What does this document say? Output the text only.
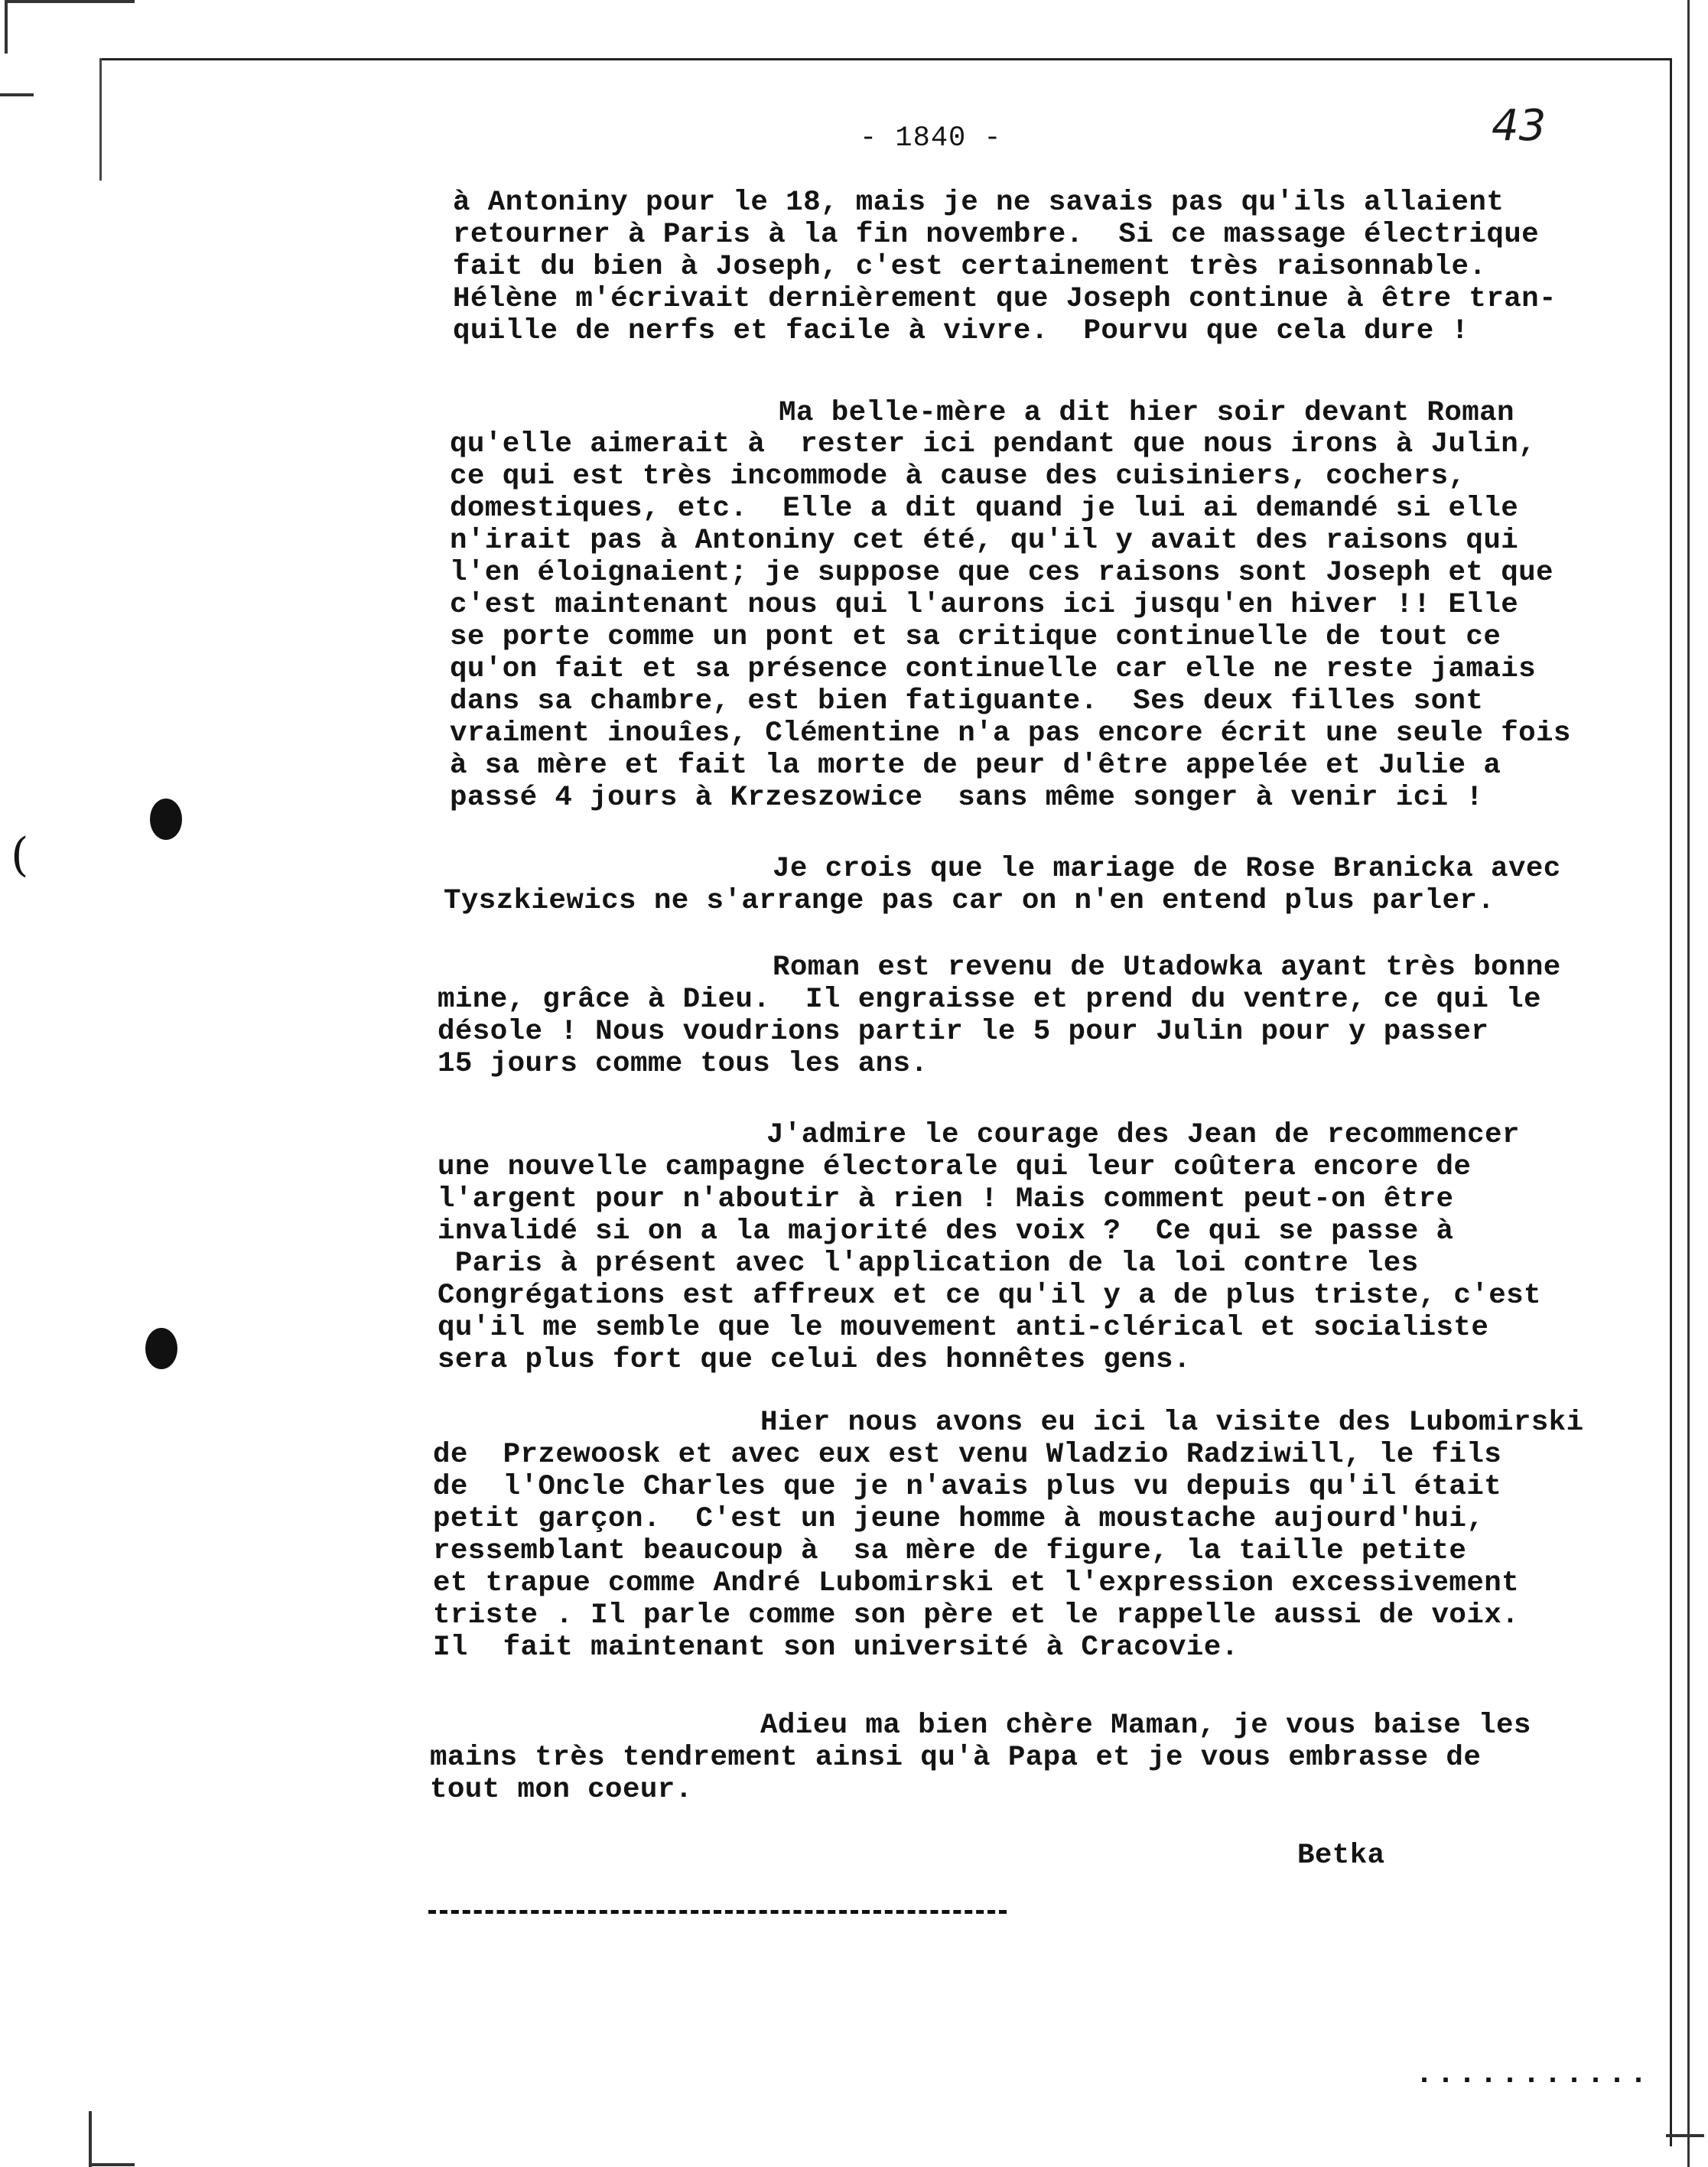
(
- 1840 -	43
à Antoniny pour le 18, mais je ne savais pas qu'ils allaient
retourner à Paris à la fin novembre.  Si ce massage électrique
fait du bien à Joseph, c'est certainement très raisonnable.
Hélène m'écrivait dernièrement que Joseph continue à être tran-
quille de nerfs et facile à vivre.  Pourvu que cela dure !
Ma belle-mère a dit hier soir devant Roman
qu'elle aimerait à  rester ici pendant que nous irons à Julin,
ce qui est très incommode à cause des cuisiniers, cochers,
domestiques, etc.  Elle a dit quand je lui ai demandé si elle
n'irait pas à Antoniny cet été, qu'il y avait des raisons qui
l'en éloignaient; je suppose que ces raisons sont Joseph et que
c'est maintenant nous qui l'aurons ici jusqu'en hiver !! Elle
se porte comme un pont et sa critique continuelle de tout ce
qu'on fait et sa présence continuelle car elle ne reste jamais
dans sa chambre, est bien fatiguante.  Ses deux filles sont
vraiment inouîes, Clémentine n'a pas encore écrit une seule fois
à sa mère et fait la morte de peur d'être appelée et Julie a
passé 4 jours à Krzeszowice  sans même songer à venir ici !
Je crois que le mariage de Rose Branicka avec
Tyszkiewics ne s'arrange pas car on n'en entend plus parler.
Roman est revenu de Utadowka ayant très bonne
mine, grâce à Dieu.  Il engraisse et prend du ventre, ce qui le
désole ! Nous voudrions partir le 5 pour Julin pour y passer
15 jours comme tous les ans.
J'admire le courage des Jean de recommencer
une nouvelle campagne électorale qui leur coûtera encore de
l'argent pour n'aboutir à rien ! Mais comment peut-on être
invalidé si on a la majorité des voix ?  Ce qui se passe à
Paris à présent avec l'application de la loi contre les
Congrégations est affreux et ce qu'il y a de plus triste, c'est
qu'il me semble que le mouvement anti-clérical et socialiste
sera plus fort que celui des honnêtes gens.
Hier nous avons eu ici la visite des Lubomirski
de  Przewoosk et avec eux est venu Wladzio Radziwill, le fils
de  l'Oncle Charles que je n'avais plus vu depuis qu'il était
petit garçon.  C'est un jeune homme à moustache aujourd'hui,
ressemblant beaucoup à  sa mère de figure, la taille petite
et trapue comme André Lubomirski et l'expression excessivement
triste . Il parle comme son père et le rappelle aussi de voix.
Il  fait maintenant son université à Cracovie.
Adieu ma bien chère Maman, je vous baise les
mains très tendrement ainsi qu'à Papa et je vous embrasse de
tout mon coeur.
Betka
...........
